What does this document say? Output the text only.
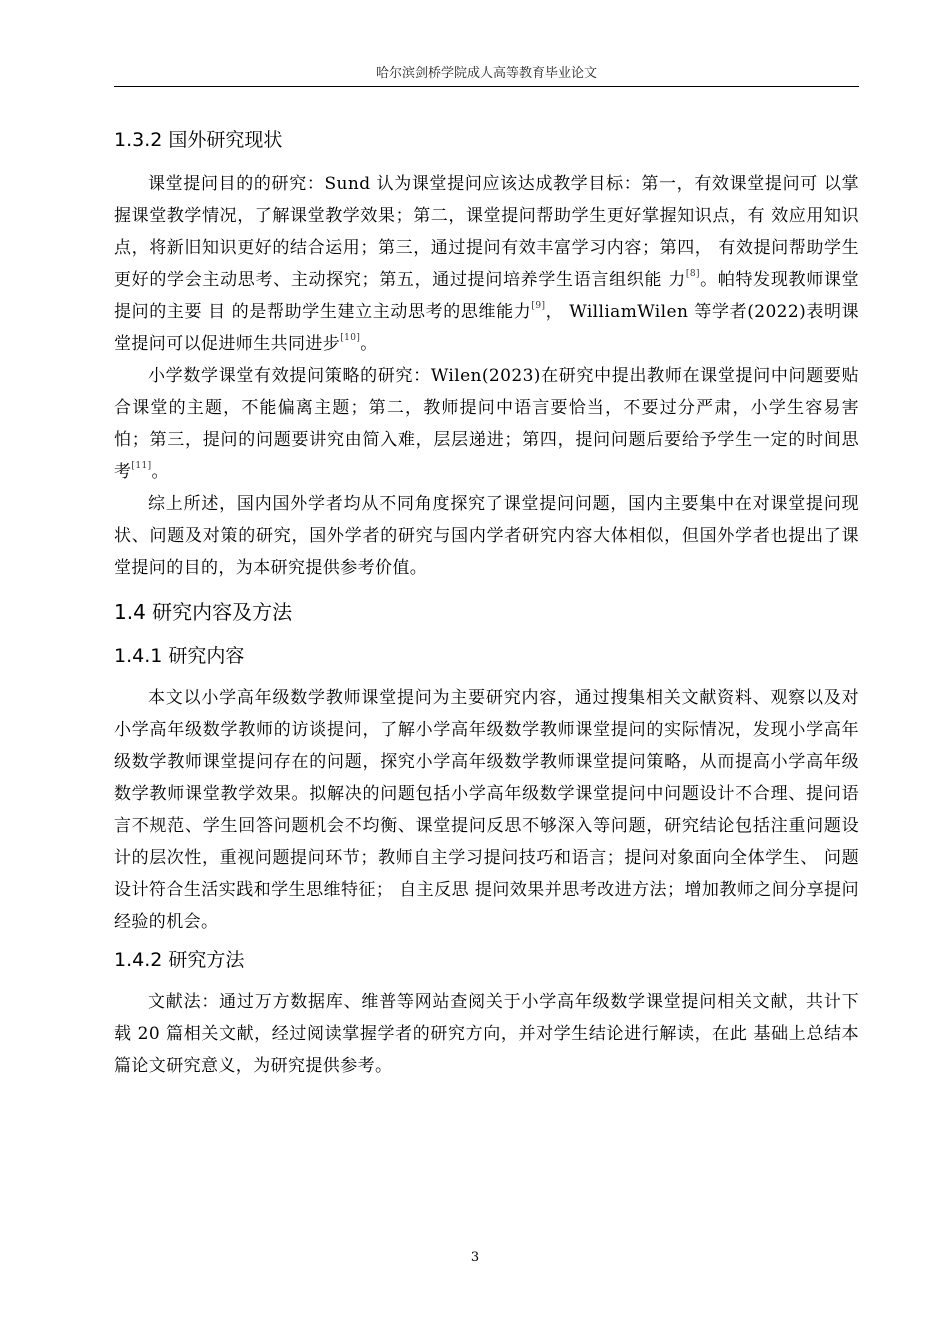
哈尔滨剑桥学院成人高等教育毕业论文
1.3.2 国外研究现状

课堂提问目的的研究：Sund 认为课堂提问应该达成教学目标：第一，有效课堂提问可 以掌握课堂教学情况，了解课堂教学效果；第二，课堂提问帮助学生更好掌握知识点，有 效应用知识点，将新旧知识更好的结合运用；第三，通过提问有效丰富学习内容；第四， 有效提问帮助学生更好的学会主动思考、主动探究；第五，通过提问培养学生语言组织能 力[8]。帕特发现教师课堂提问的主要 目 的是帮助学生建立主动思考的思维能力[9]， WilliamWilen 等学者(2022)表明课堂提问可以促进师生共同进步[10]。

小学数学课堂有效提问策略的研究：Wilen(2023)在研究中提出教师在课堂提问中问题要贴合课堂的主题，不能偏离主题；第二，教师提问中语言要恰当，不要过分严肃，小学生容易害怕；第三，提问的问题要讲究由简入难，层层递进；第四，提问问题后要给予学生一定的时间思考[11]。

综上所述，国内国外学者均从不同角度探究了课堂提问问题，国内主要集中在对课堂提问现状、问题及对策的研究，国外学者的研究与国内学者研究内容大体相似，但国外学者也提出了课堂提问的目的，为本研究提供参考价值。

1.4 研究内容及方法
1.4.1 研究内容

本文以小学高年级数学教师课堂提问为主要研究内容，通过搜集相关文献资料、观察以及对小学高年级数学教师的访谈提问，了解小学高年级数学教师课堂提问的实际情况，发现小学高年级数学教师课堂提问存在的问题，探究小学高年级数学教师课堂提问策略，从而提高小学高年级数学教师课堂教学效果。拟解决的问题包括小学高年级数学课堂提问中问题设计不合理、提问语言不规范、学生回答问题机会不均衡、课堂提问反思不够深入等问题，研究结论包括注重问题设计的层次性，重视问题提问环节；教师自主学习提问技巧和语言；提问对象面向全体学生、 问题设计符合生活实践和学生思维特征； 自主反思 提问效果并思考改进方法；增加教师之间分享提问经验的机会。

1.4.2 研究方法

文献法：通过万方数据库、维普等网站查阅关于小学高年级数学课堂提问相关文献，共计下载 20 篇相关文献，经过阅读掌握学者的研究方向，并对学生结论进行解读，在此 基础上总结本篇论文研究意义，为研究提供参考。

3
